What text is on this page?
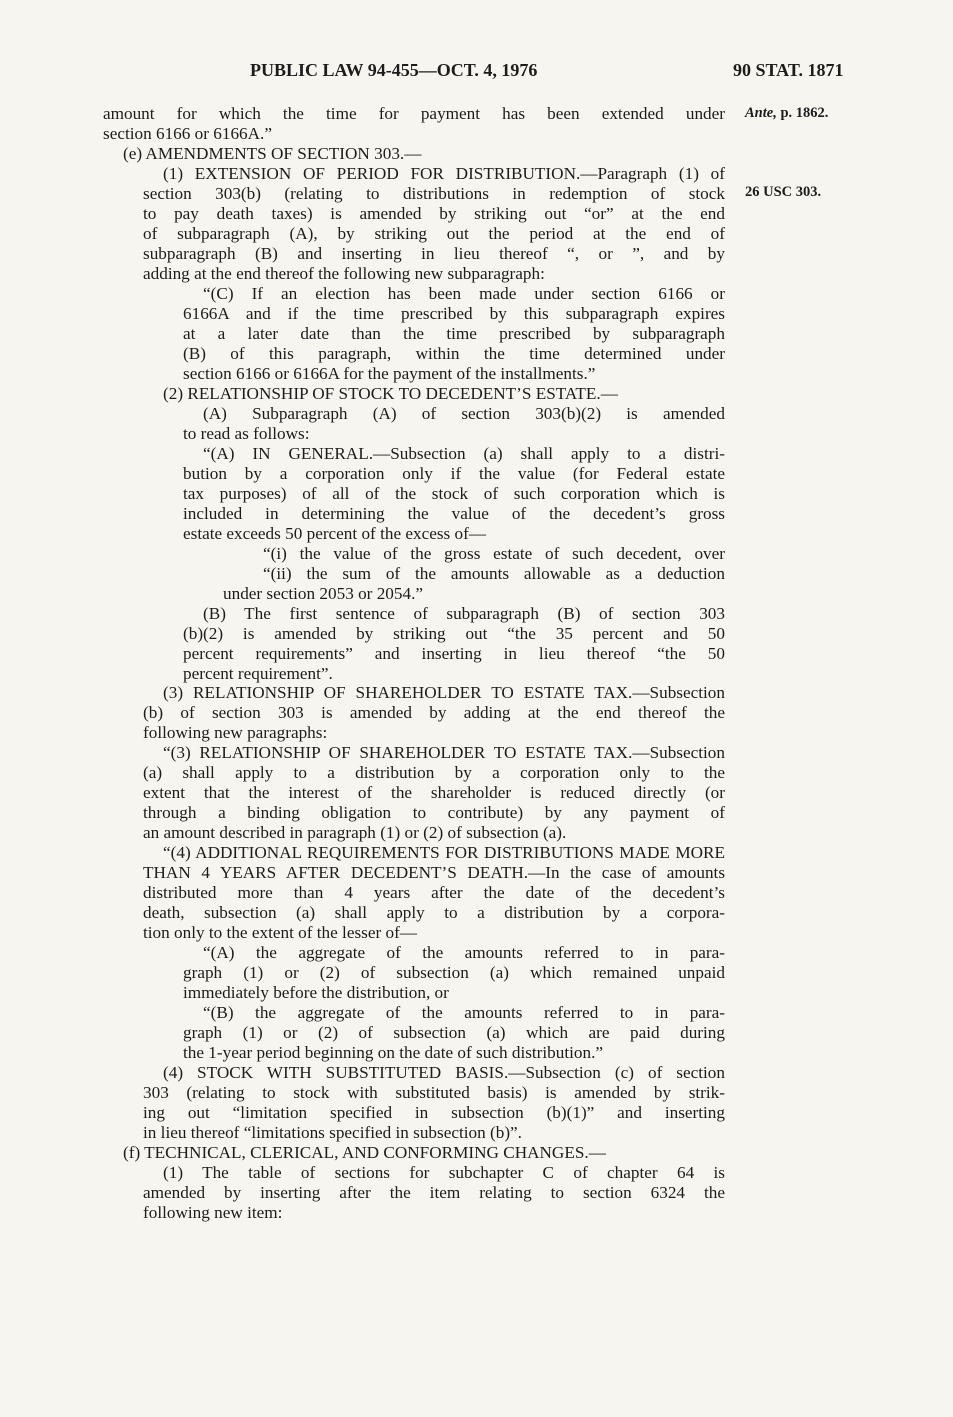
PUBLIC LAW 94-455—OCT. 4, 1976	90 STAT. 1871
Ante, p. 1862.
26 USC 303.
amount for which the time for payment has been extended under
section 6166 or 6166A.”
(e) AMENDMENTS OF SECTION 303.—
(1) EXTENSION OF PERIOD FOR DISTRIBUTION.—Paragraph (1) of
section 303(b) (relating to distributions in redemption of stock
to pay death taxes) is amended by striking out “or” at the end
of subparagraph (A), by striking out the period at the end of
subparagraph (B) and inserting in lieu thereof “, or ”, and by
adding at the end thereof the following new subparagraph:
“(C) If an election has been made under section 6166 or
6166A and if the time prescribed by this subparagraph expires
at a later date than the time prescribed by subparagraph
(B) of this paragraph, within the time determined under
section 6166 or 6166A for the payment of the installments.”
(2) RELATIONSHIP OF STOCK TO DECEDENT’S ESTATE.—
(A) Subparagraph (A) of section 303(b)(2) is amended
to read as follows:
“(A) IN GENERAL.—Subsection (a) shall apply to a distri-
bution by a corporation only if the value (for Federal estate
tax purposes) of all of the stock of such corporation which is
included in determining the value of the decedent’s gross
estate exceeds 50 percent of the excess of—
“(i) the value of the gross estate of such decedent, over
“(ii) the sum of the amounts allowable as a deduction
under section 2053 or 2054.”
(B) The first sentence of subparagraph (B) of section 303
(b)(2) is amended by striking out “the 35 percent and 50
percent requirements” and inserting in lieu thereof “the 50
percent requirement”.
(3) RELATIONSHIP OF SHAREHOLDER TO ESTATE TAX.—Subsection
(b) of section 303 is amended by adding at the end thereof the
following new paragraphs:
“(3) RELATIONSHIP OF SHAREHOLDER TO ESTATE TAX.—Subsection
(a) shall apply to a distribution by a corporation only to the
extent that the interest of the shareholder is reduced directly (or
through a binding obligation to contribute) by any payment of
an amount described in paragraph (1) or (2) of subsection (a).
“(4) ADDITIONAL REQUIREMENTS FOR DISTRIBUTIONS MADE MORE
THAN 4 YEARS AFTER DECEDENT’S DEATH.—In the case of amounts
distributed more than 4 years after the date of the decedent’s
death, subsection (a) shall apply to a distribution by a corpora-
tion only to the extent of the lesser of—
“(A) the aggregate of the amounts referred to in para-
graph (1) or (2) of subsection (a) which remained unpaid
immediately before the distribution, or
“(B) the aggregate of the amounts referred to in para-
graph (1) or (2) of subsection (a) which are paid during
the 1-year period beginning on the date of such distribution.”
(4) STOCK WITH SUBSTITUTED BASIS.—Subsection (c) of section
303 (relating to stock with substituted basis) is amended by strik-
ing out “limitation specified in subsection (b)(1)” and inserting
in lieu thereof “limitations specified in subsection (b)”.
(f) TECHNICAL, CLERICAL, AND CONFORMING CHANGES.—
(1) The table of sections for subchapter C of chapter 64 is
amended by inserting after the item relating to section 6324 the
following new item:
